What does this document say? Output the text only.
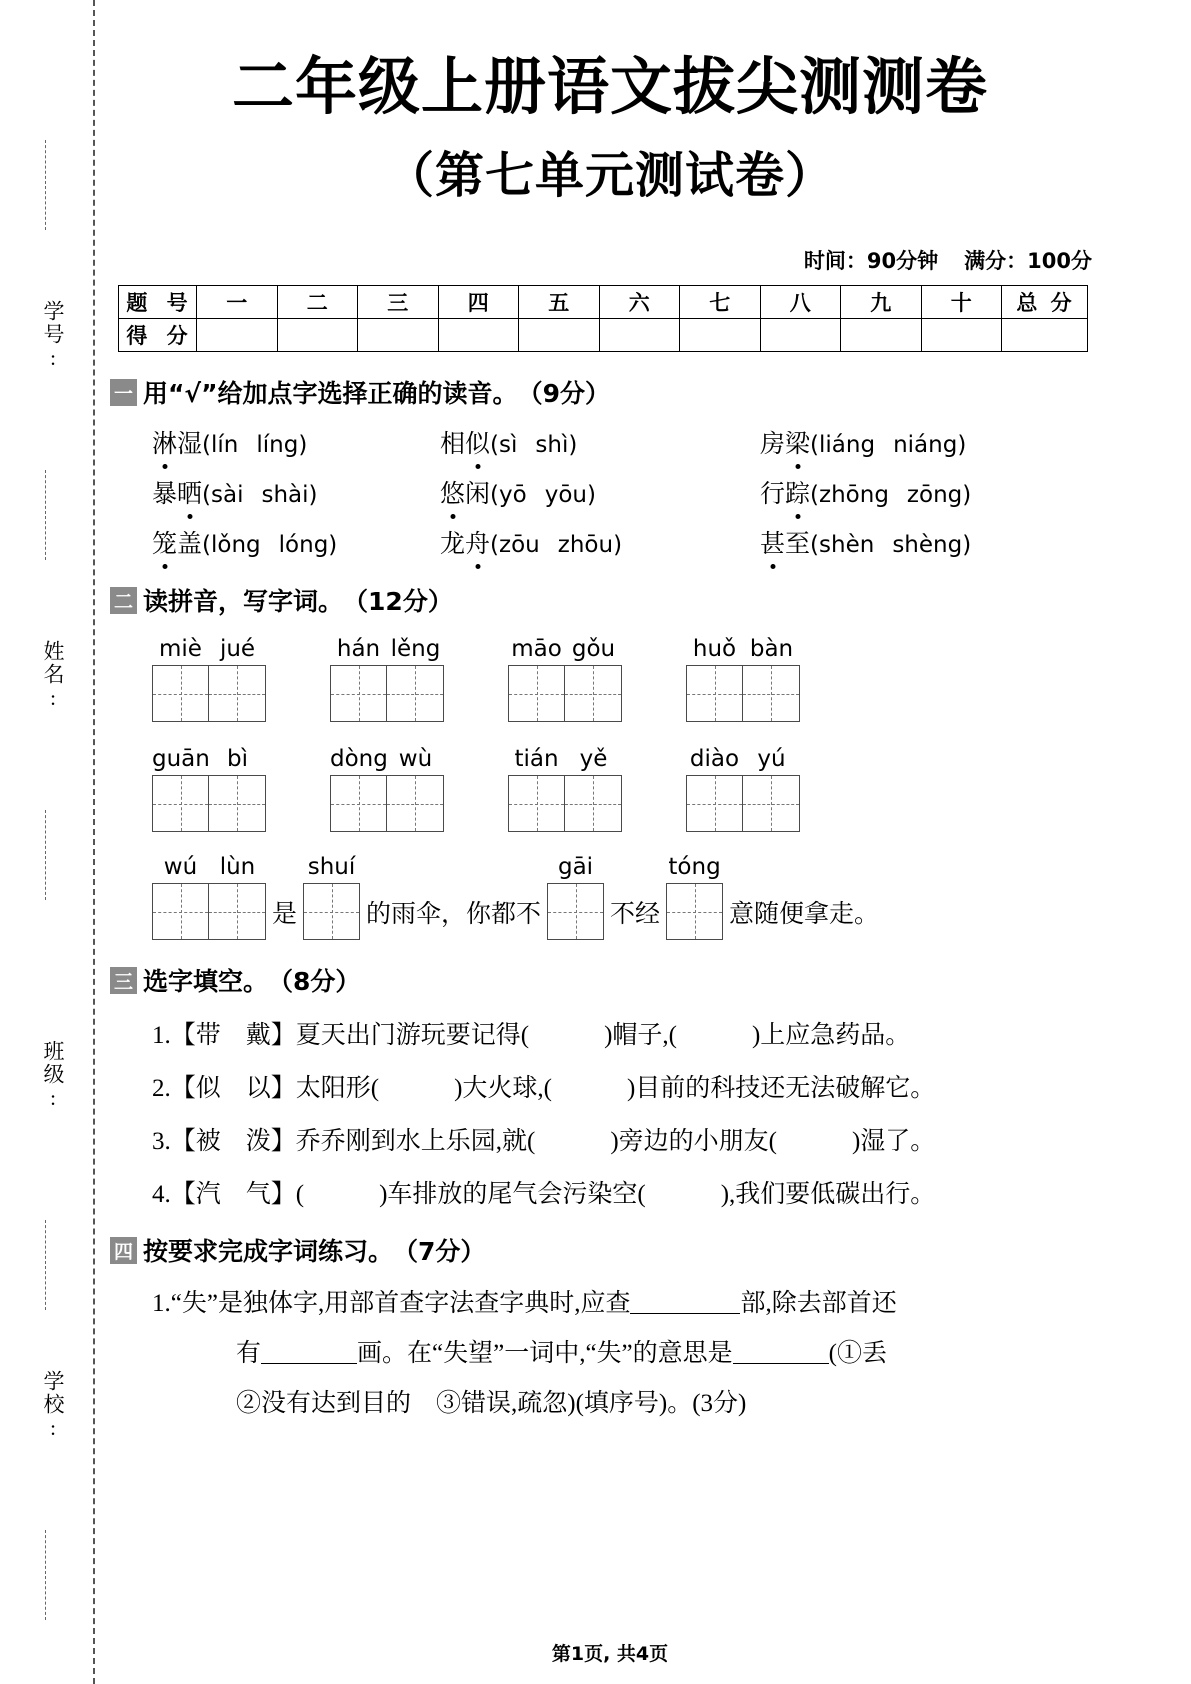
学号:
姓名:
班级:
学校:
二年级上册语文拔尖测测卷
（第七单元测试卷）
时间：90分钟 满分：100分
题 号	一	二	三	四	五	六	七	八	九	十	总 分
得 分											
一 用“√”给加点字选择正确的读音 。 （9分）
淋湿(lín líng)	相似(sì shì)	房梁(liáng niáng)
暴晒(sài shài)	悠闲(yō yōu)	行踪(zhōng zōng)
笼盖(lǒng lóng)	龙舟(zōu zhōu)	甚至(shèn shèng)
二 读拼音，写字词 。 （12分）
miè jué	hán lěng	māo gǒu	huǒ bàn
guān bì	dòng wù	tián yě	diào yú
wú lùn
是
shuí
的雨伞，你都不
gāi
不经
tóng
意随便拿走。
三 选字填空 。 （8分）
1.【带　戴】夏天出门游玩要记得(　　　)帽子,(　　　)上应急药品。
2.【似　以】太阳形(　　　)大火球,(　　　)目前的科技还无法破解它。
3.【被　泼】乔乔刚到水上乐园,就(　　　)旁边的小朋友(　　　)湿了。
4.【汽　气】(　　　)车排放的尾气会污染空(　　　),我们要低碳出行。
四 按要求完成字词练习 。 （7分）
1.“失”是独体字,用部首查字法查字典时,应查	部,除去部首还
有	画。在“失望”一词中,“失”的意思是	(①丢
②没有达到目的　③错误,疏忽)(填序号)。(3分)
第1页, 共4页
